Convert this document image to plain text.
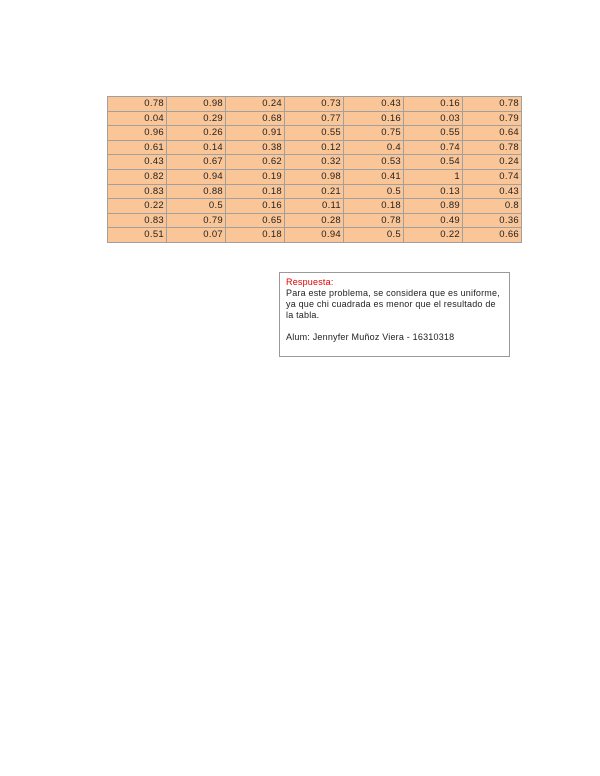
0.78	0.98	0.24	0.73	0.43	0.16	0.78
0.04	0.29	0.68	0.77	0.16	0.03	0.79
0.96	0.26	0.91	0.55	0.75	0.55	0.64
0.61	0.14	0.38	0.12	0.4	0.74	0.78
0.43	0.67	0.62	0.32	0.53	0.54	0.24
0.82	0.94	0.19	0.98	0.41	1	0.74
0.83	0.88	0.18	0.21	0.5	0.13	0.43
0.22	0.5	0.16	0.11	0.18	0.89	0.8
0.83	0.79	0.65	0.28	0.78	0.49	0.36
0.51	0.07	0.18	0.94	0.5	0.22	0.66
Respuesta:
Para este problema, se considera que es uniforme, ya que chi cuadrada es menor que el resultado de la tabla.
Alum: Jennyfer Muñoz Viera - 16310318
